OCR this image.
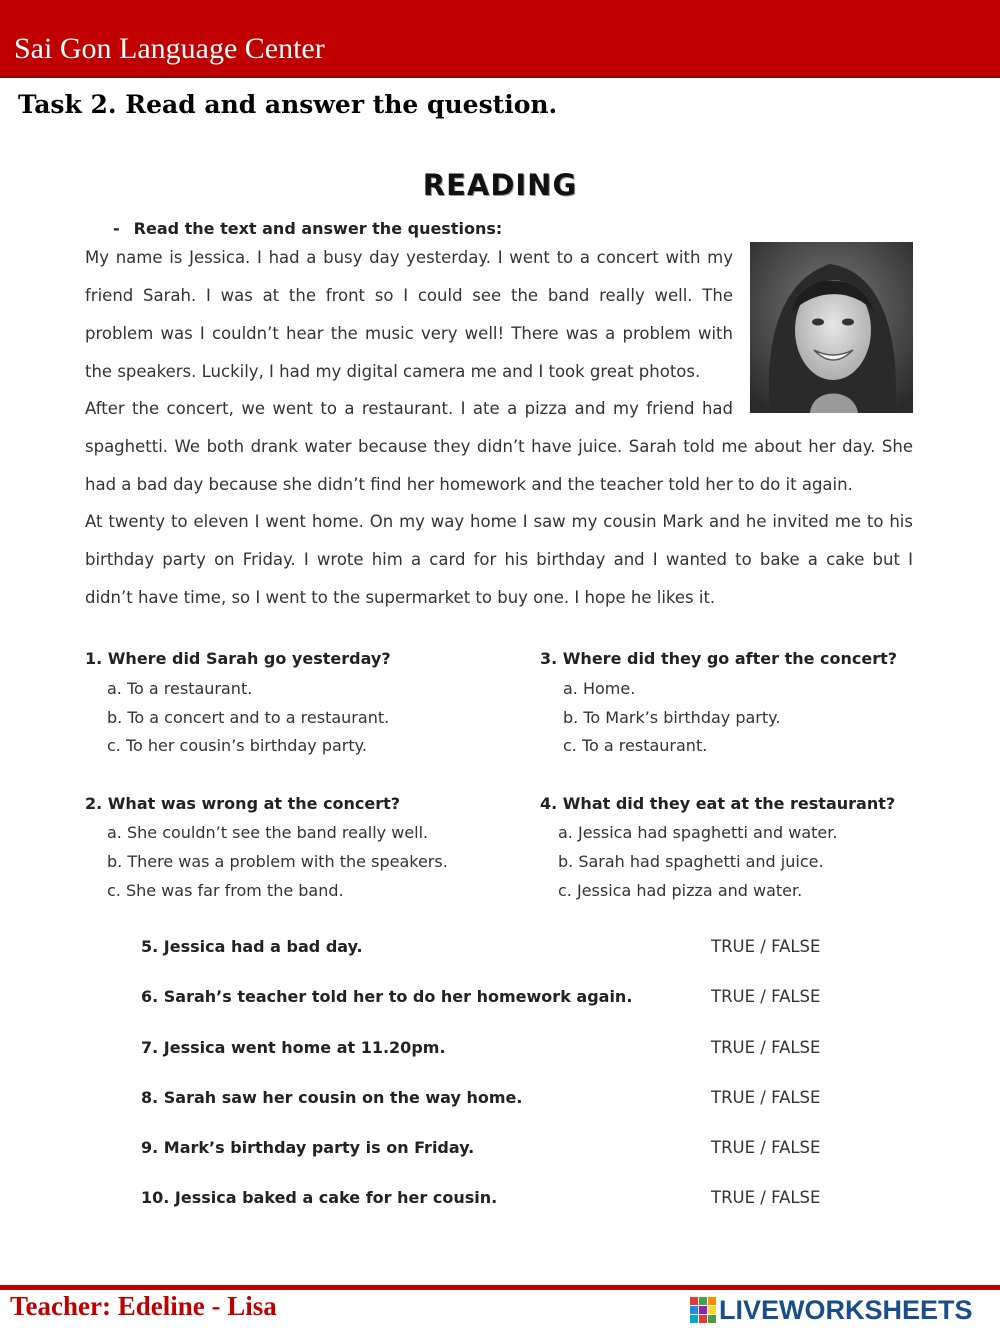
Sai Gon Language Center
Task 2. Read and answer the question.
READING
- Read the text and answer the questions:
My name is Jessica. I had a busy day yesterday. I went to a concert with my
friend Sarah. I was at the front so I could see the band really well. The
problem was I couldn’t hear the music very well! There was a problem with
the speakers. Luckily, I had my digital camera me and I took great photos.
After the concert, we went to a restaurant. I ate a pizza and my friend had
spaghetti. We both drank water because they didn’t have juice. Sarah told me about her day. She
had a bad day because she didn’t find her homework and the teacher told her to do it again.
At twenty to eleven I went home. On my way home I saw my cousin Mark and he invited me to his
birthday party on Friday. I wrote him a card for his birthday and I wanted to bake a cake but I
didn’t have time, so I went to the supermarket to buy one. I hope he likes it.
1. Where did Sarah go yesterday?
a. To a restaurant.
b. To a concert and to a restaurant.
c. To her cousin’s birthday party.
3. Where did they go after the concert?
a. Home.
b. To Mark’s birthday party.
c. To a restaurant.
2. What was wrong at the concert?
a. She couldn’t see the band really well.
b. There was a problem with the speakers.
c. She was far from the band.
4. What did they eat at the restaurant?
a. Jessica had spaghetti and water.
b. Sarah had spaghetti and juice.
c. Jessica had pizza and water.
5. Jessica had a bad day.	TRUE / FALSE
6. Sarah’s teacher told her to do her homework again.	TRUE / FALSE
7. Jessica went home at 11.20pm.	TRUE / FALSE
8. Sarah saw her cousin on the way home.	TRUE / FALSE
9. Mark’s birthday party is on Friday.	TRUE / FALSE
10. Jessica baked a cake for her cousin.	TRUE / FALSE
Teacher: Edeline - Lisa	LIVEWORKSHEETS
